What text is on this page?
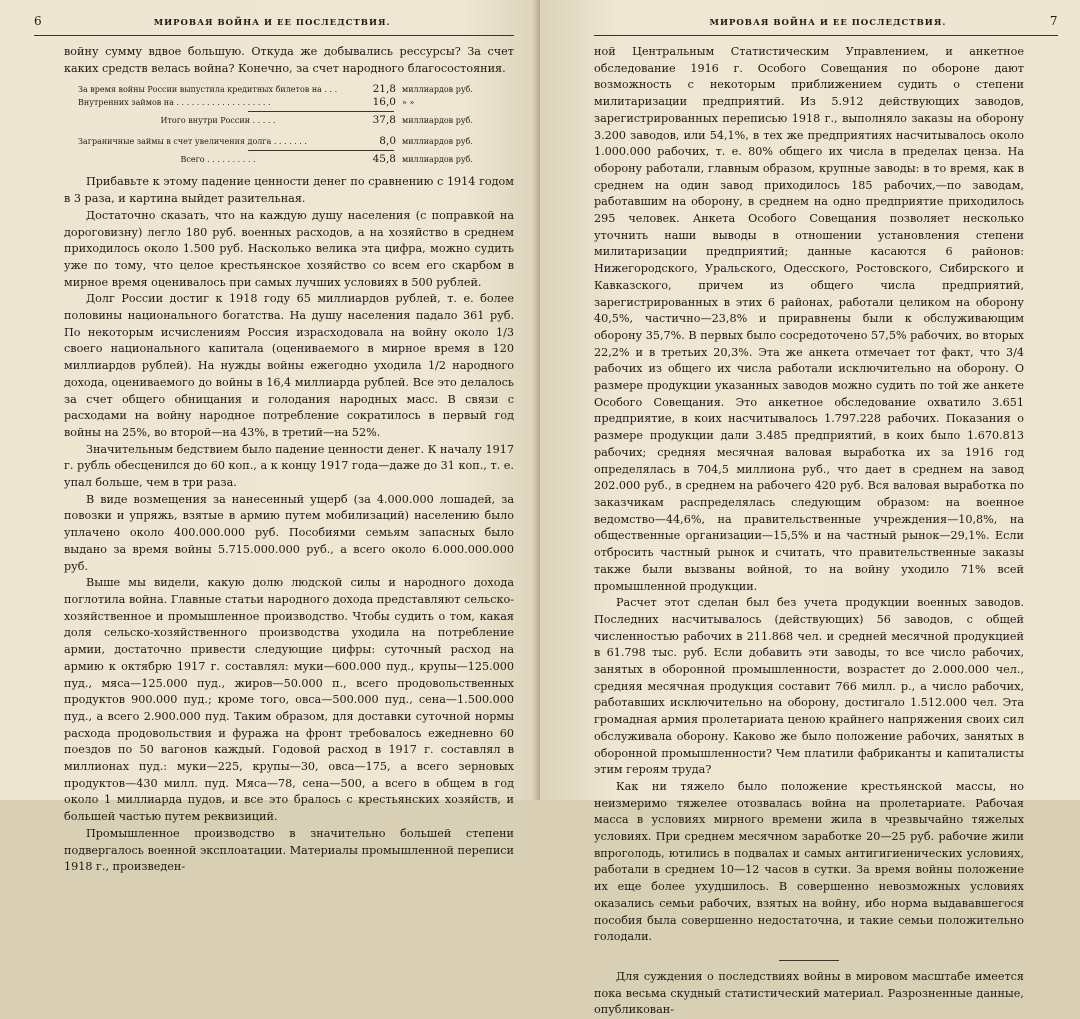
6	МИРОВАЯ ВОЙНА И ЕЕ ПОСЛЕДСТВИЯ.

войну сумму вдвое большую. Откуда же добывались рессурсы? За счет каких средств велась война? Конечно, за счет народного благосостояния.

За время войны России выпустила кредитных билетов на . . .	21,8 миллиардов руб.
Внутренних займов на . . . . . . . . . . . . . . . . . . .	16,0 » »
Итого внутри России . . . . .	37,8 миллиардов руб.
Заграничные займы в счет увеличения долга . . . . . . .	8,0 миллиардов руб.
Всего . . . . . . . . . .	45,8 миллиардов руб.

Прибавьте к этому падение ценности денег по сравнению с 1914 годом в 3 раза, и картина выйдет разительная.

Достаточно сказать, что на каждую душу населения (с поправкой на дороговизну) легло 180 руб. военных расходов, а на хозяйство в среднем приходилось около 1.500 руб. Насколько велика эта цифра, можно судить уже по тому, что целое крестьянское хозяйство со всем его скарбом в мирное время оценивалось при самых лучших условиях в 500 рублей.

Долг России достиг к 1918 году 65 миллиардов рублей, т. е. более половины национального богатства. На душу населения падало 361 руб. По некоторым исчислениям Россия израсходовала на войну около 1/3 своего национального капитала (оцениваемого в мирное время в 120 миллиардов рублей). На нужды войны ежегодно уходила 1/2 народного дохода, оцениваемого до войны в 16,4 миллиарда рублей. Все это делалось за счет общего обнищания и голодания народных масс. В связи с расходами на войну народное потребление сократилось в первый год войны на 25%, во второй—на 43%, в третий—на 52%.

Значительным бедствием было падение ценности денег. К началу 1917 г. рубль обесценился до 60 коп., а к концу 1917 года—даже до 31 коп., т. е. упал больше, чем в три раза.

В виде возмещения за нанесенный ущерб (за 4.000.000 лошадей, за повозки и упряжь, взятые в армию путем мобилизаций) населению было уплачено около 400.000.000 руб. Пособиями семьям запасных было выдано за время войны 5.715.000.000 руб., а всего около 6.000.000.000 руб.

Выше мы видели, какую долю людской силы и народного дохода поглотила война. Главные статьи народного дохода представляют сельско-хозяйственное и промышленное производство. Чтобы судить о том, какая доля сельско-хозяйственного производства уходила на потребление армии, достаточно привести следующие цифры: суточный расход на армию к октябрю 1917 г. составлял: муки—600.000 пуд., крупы—125.000 пуд., мяса—125.000 пуд., жиров—50.000 п., всего продовольственных продуктов 900.000 пуд.; кроме того, овса—500.000 пуд., сена—1.500.000 пуд., а всего 2.900.000 пуд. Таким образом, для доставки суточной нормы расхода продовольствия и фуража на фронт требовалось ежедневно 60 поездов по 50 вагонов каждый. Годовой расход в 1917 г. составлял в миллионах пуд.: муки—225, крупы—30, овса—175, а всего зерновых продуктов—430 милл. пуд. Мяса—78, сена—500, а всего в общем в год около 1 миллиарда пудов, и все это бралось с крестьянских хозяйств, и большей частью путем реквизиций.

Промышленное производство в значительно большей степени подвергалось военной эксплоатации. Материалы промышленной переписи 1918 г., произведен-

МИРОВАЯ ВОЙНА И ЕЕ ПОСЛЕДСТВИЯ.	7

ной Центральным Статистическим Управлением, и анкетное обследование 1916 г. Особого Совещания по обороне дают возможность с некоторым приближением судить о степени милитаризации предприятий. Из 5.912 действующих заводов, зарегистрированных переписью 1918 г., выполняло заказы на оборону 3.200 заводов, или 54,1%, в тех же предприятиях насчитывалось около 1.000.000 рабочих, т. е. 80% общего их числа в пределах ценза. На оборону работали, главным образом, крупные заводы: в то время, как в среднем на один завод приходилось 185 рабочих,—по заводам, работавшим на оборону, в среднем на одно предприятие приходилось 295 человек. Анкета Особого Совещания позволяет несколько уточнить наши выводы в отношении установления степени милитаризации предприятий; данные касаются 6 районов: Нижегородского, Уральского, Одесского, Ростовского, Сибирского и Кавказского, причем из общего числа предприятий, зарегистрированных в этих 6 районах, работали целиком на оборону 40,5%, частично—23,8% и приравнены были к обслуживающим оборону 35,7%. В первых было сосредоточено 57,5% рабочих, во вторых 22,2% и в третьих 20,3%. Эта же анкета отмечает тот факт, что 3/4 рабочих из общего их числа работали исключительно на оборону. О размере продукции указанных заводов можно судить по той же анкете Особого Совещания. Это анкетное обследование охватило 3.651 предприятие, в коих насчитывалось 1.797.228 рабочих. Показания о размере продукции дали 3.485 предприятий, в коих было 1.670.813 рабочих; средняя месячная валовая выработка их за 1916 год определялась в 704,5 миллиона руб., что дает в среднем на завод 202.000 руб., в среднем на рабочего 420 руб. Вся валовая выработка по заказчикам распределялась следующим образом: на военное ведомство—44,6%, на правительственные учреждения—10,8%, на общественные организации—15,5% и на частный рынок—29,1%. Если отбросить частный рынок и считать, что правительственные заказы также были вызваны войной, то на войну уходило 71% всей промышленной продукции.

Расчет этот сделан был без учета продукции военных заводов. Последних насчитывалось (действующих) 56 заводов, с общей численностью рабочих в 211.868 чел. и средней месячной продукцией в 61.798 тыс. руб. Если добавить эти заводы, то все число рабочих, занятых в оборонной промышленности, возрастет до 2.000.000 чел., средняя месячная продукция составит 766 милл. р., а число рабочих, работавших исключительно на оборону, достигало 1.512.000 чел. Эта громадная армия пролетариата ценою крайнего напряжения своих сил обслуживала оборону. Каково же было положение рабочих, занятых в оборонной промышленности? Чем платили фабриканты и капиталисты этим героям труда?

Как ни тяжело было положение крестьянской массы, но неизмеримо тяжелее отозвалась война на пролетариате. Рабочая масса в условиях мирного времени жила в чрезвычайно тяжелых условиях. При среднем месячном заработке 20—25 руб. рабочие жили впроголодь, ютились в подвалах и самых антигигиенических условиях, работали в среднем 10—12 часов в сутки. За время войны положение их еще более ухудшилось. В совершенно невозможных условиях оказались семьи рабочих, взятых на войну, ибо норма выдававшегося пособия была совершенно недостаточна, и такие семьи положительно голодали.

Для суждения о последствиях войны в мировом масштабе имеется пока весьма скудный статистический материал. Разрозненные данные, опубликован-
